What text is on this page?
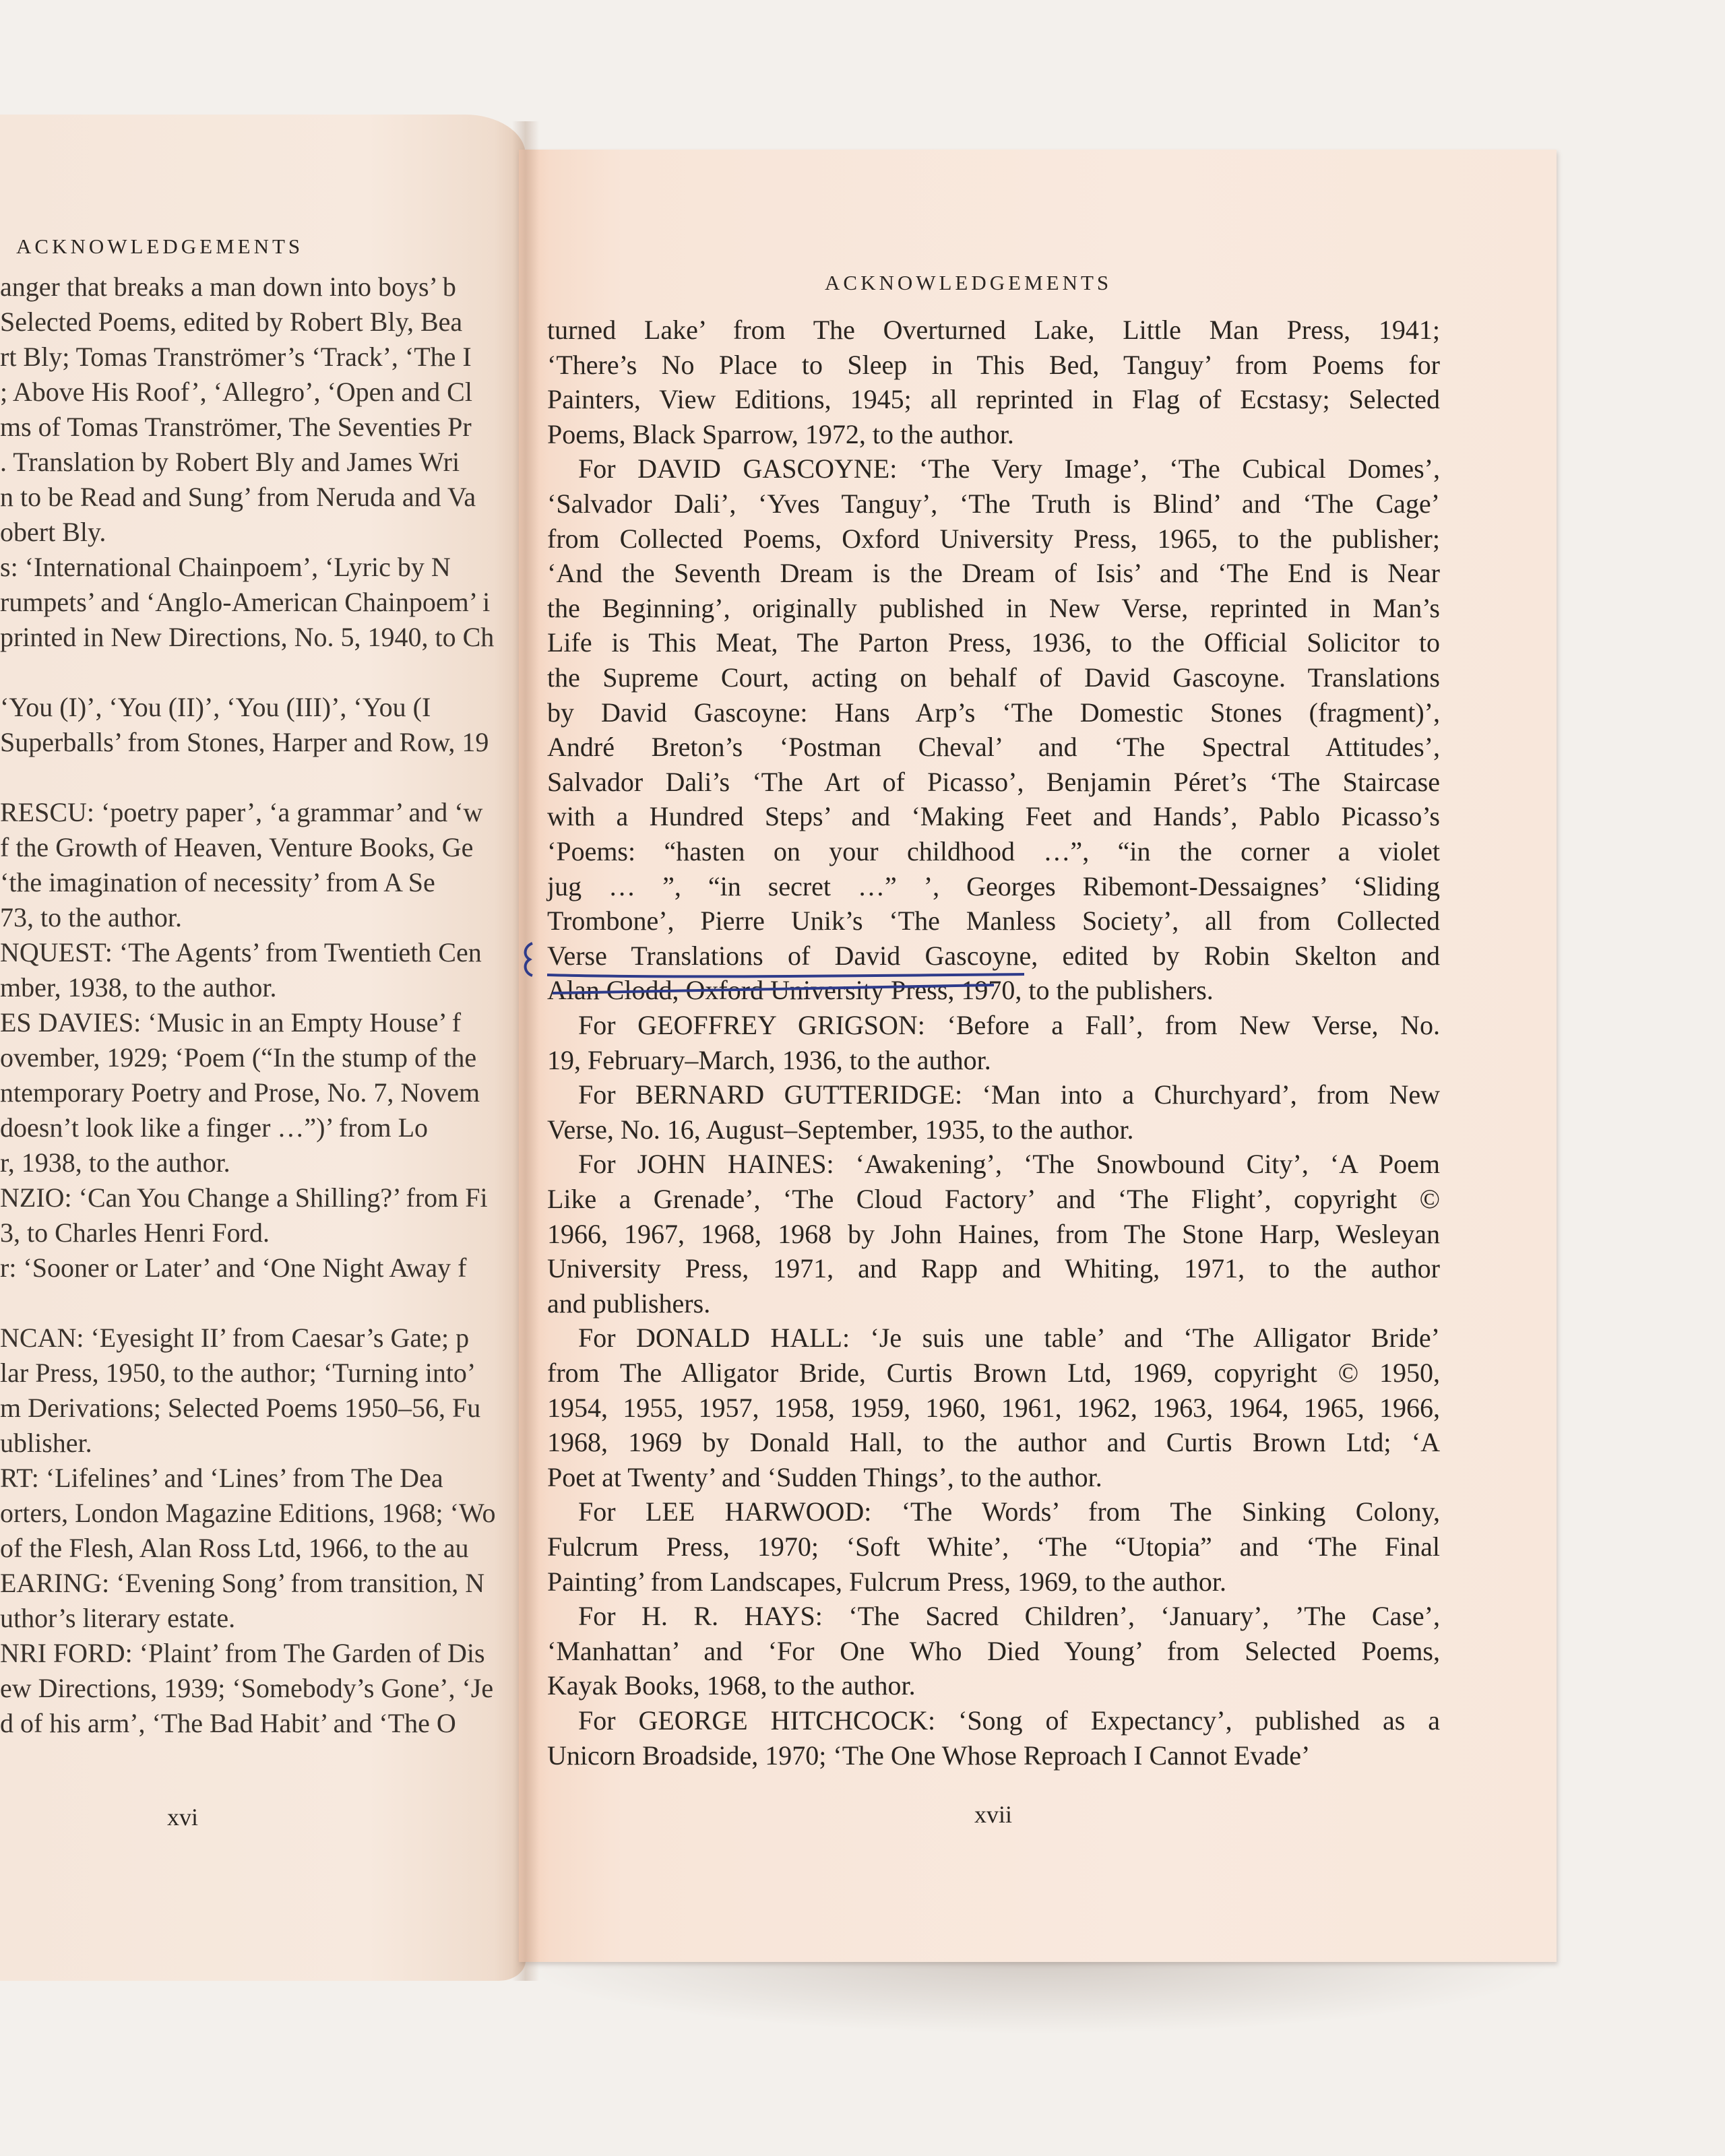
ACKNOWLEDGEMENTS
anger that breaks a man down into boys’ b
Selected Poems, edited by Robert Bly, Bea
rt Bly; Tomas Tranströmer’s ‘Track’, ‘The I
; Above His Roof’, ‘Allegro’, ‘Open and Cl
ms of Tomas Tranströmer, The Seventies Pr
. Translation by Robert Bly and James Wri
n to be Read and Sung’ from Neruda and Va
obert Bly.
s: ‘International Chainpoem’, ‘Lyric by N
rumpets’ and ‘Anglo-American Chainpoem’ i
printed in New Directions, No. 5, 1940, to Ch
‘You (I)’, ‘You (II)’, ‘You (III)’, ‘You (I
Superballs’ from Stones, Harper and Row, 19
RESCU: ‘poetry paper’, ‘a grammar’ and ‘w
f the Growth of Heaven, Venture Books, Ge
‘the imagination of necessity’ from A Se
73, to the author.
NQUEST: ‘The Agents’ from Twentieth Cen
mber, 1938, to the author.
ES DAVIES: ‘Music in an Empty House’ f
ovember, 1929; ‘Poem (“In the stump of the
ntemporary Poetry and Prose, No. 7, Novem
doesn’t look like a finger …”)’ from Lo
r, 1938, to the author.
NZIO: ‘Can You Change a Shilling?’ from Fi
3, to Charles Henri Ford.
r: ‘Sooner or Later’ and ‘One Night Away f
NCAN: ‘Eyesight II’ from Caesar’s Gate; p
lar Press, 1950, to the author; ‘Turning into’
m Derivations; Selected Poems 1950–56, Fu
ublisher.
RT: ‘Lifelines’ and ‘Lines’ from The Dea
orters, London Magazine Editions, 1968; ‘Wo
of the Flesh, Alan Ross Ltd, 1966, to the au
EARING: ‘Evening Song’ from transition, N
uthor’s literary estate.
NRI FORD: ‘Plaint’ from The Garden of Dis
ew Directions, 1939; ‘Somebody’s Gone’, ‘Je
d of his arm’, ‘The Bad Habit’ and ‘The O
xvi
ACKNOWLEDGEMENTS
turned Lake’ from The Overturned Lake, Little Man Press, 1941;
‘There’s No Place to Sleep in This Bed, Tanguy’ from Poems for
Painters, View Editions, 1945; all reprinted in Flag of Ecstasy; Selected
Poems, Black Sparrow, 1972, to the author.
For DAVID GASCOYNE: ‘The Very Image’, ‘The Cubical Domes’,
‘Salvador Dali’, ‘Yves Tanguy’, ‘The Truth is Blind’ and ‘The Cage’
from Collected Poems, Oxford University Press, 1965, to the publisher;
‘And the Seventh Dream is the Dream of Isis’ and ‘The End is Near
the Beginning’, originally published in New Verse, reprinted in Man’s
Life is This Meat, The Parton Press, 1936, to the Official Solicitor to
the Supreme Court, acting on behalf of David Gascoyne. Translations
by David Gascoyne: Hans Arp’s ‘The Domestic Stones (fragment)’,
André Breton’s ‘Postman Cheval’ and ‘The Spectral Attitudes’,
Salvador Dali’s ‘The Art of Picasso’, Benjamin Péret’s ‘The Staircase
with a Hundred Steps’ and ‘Making Feet and Hands’, Pablo Picasso’s
‘Poems: “hasten on your childhood …”, “in the corner a violet
jug … ”, “in secret …” ’, Georges Ribemont-Dessaignes’ ‘Sliding
Trombone’, Pierre Unik’s ‘The Manless Society’, all from Collected
Verse Translations of David Gascoyne, edited by Robin Skelton and
Alan Clodd, Oxford University Press, 1970, to the publishers.
For GEOFFREY GRIGSON: ‘Before a Fall’, from New Verse, No.
19, February–March, 1936, to the author.
For BERNARD GUTTERIDGE: ‘Man into a Churchyard’, from New
Verse, No. 16, August–September, 1935, to the author.
For JOHN HAINES: ‘Awakening’, ‘The Snowbound City’, ‘A Poem
Like a Grenade’, ‘The Cloud Factory’ and ‘The Flight’, copyright ©
1966, 1967, 1968, 1968 by John Haines, from The Stone Harp, Wesleyan
University Press, 1971, and Rapp and Whiting, 1971, to the author
and publishers.
For DONALD HALL: ‘Je suis une table’ and ‘The Alligator Bride’
from The Alligator Bride, Curtis Brown Ltd, 1969, copyright © 1950,
1954, 1955, 1957, 1958, 1959, 1960, 1961, 1962, 1963, 1964, 1965, 1966,
1968, 1969 by Donald Hall, to the author and Curtis Brown Ltd; ‘A
Poet at Twenty’ and ‘Sudden Things’, to the author.
For LEE HARWOOD: ‘The Words’ from The Sinking Colony,
Fulcrum Press, 1970; ‘Soft White’, ‘The “Utopia” and ‘The Final
Painting’ from Landscapes, Fulcrum Press, 1969, to the author.
For H. R. HAYS: ‘The Sacred Children’, ‘January’, ’The Case’,
‘Manhattan’ and ‘For One Who Died Young’ from Selected Poems,
Kayak Books, 1968, to the author.
For GEORGE HITCHCOCK: ‘Song of Expectancy’, published as a
Unicorn Broadside, 1970; ‘The One Whose Reproach I Cannot Evade’
xvii
